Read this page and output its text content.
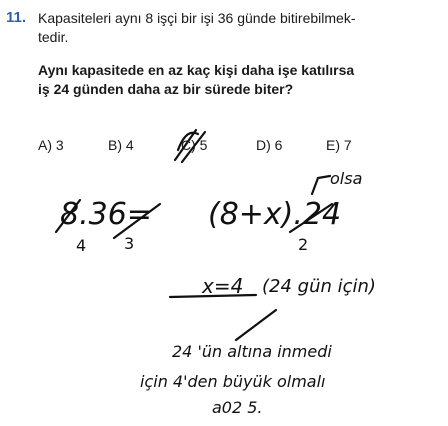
11. Kapasiteleri aynı 8 işçi bir işi 36 günde bitirebilmek-
tedir.
Aynı kapasitede en az kaç kişi daha işe katılırsa
iş 24 günden daha az bir sürede biter?
A) 3	B) 4	C) 5	D) 6	E) 7
olsa
8.36= (8+x).24
4 3	2
x=4 (24 gün için)
24 'ün altına inmedi
için 4'den büyük olmalı
a02 5.
